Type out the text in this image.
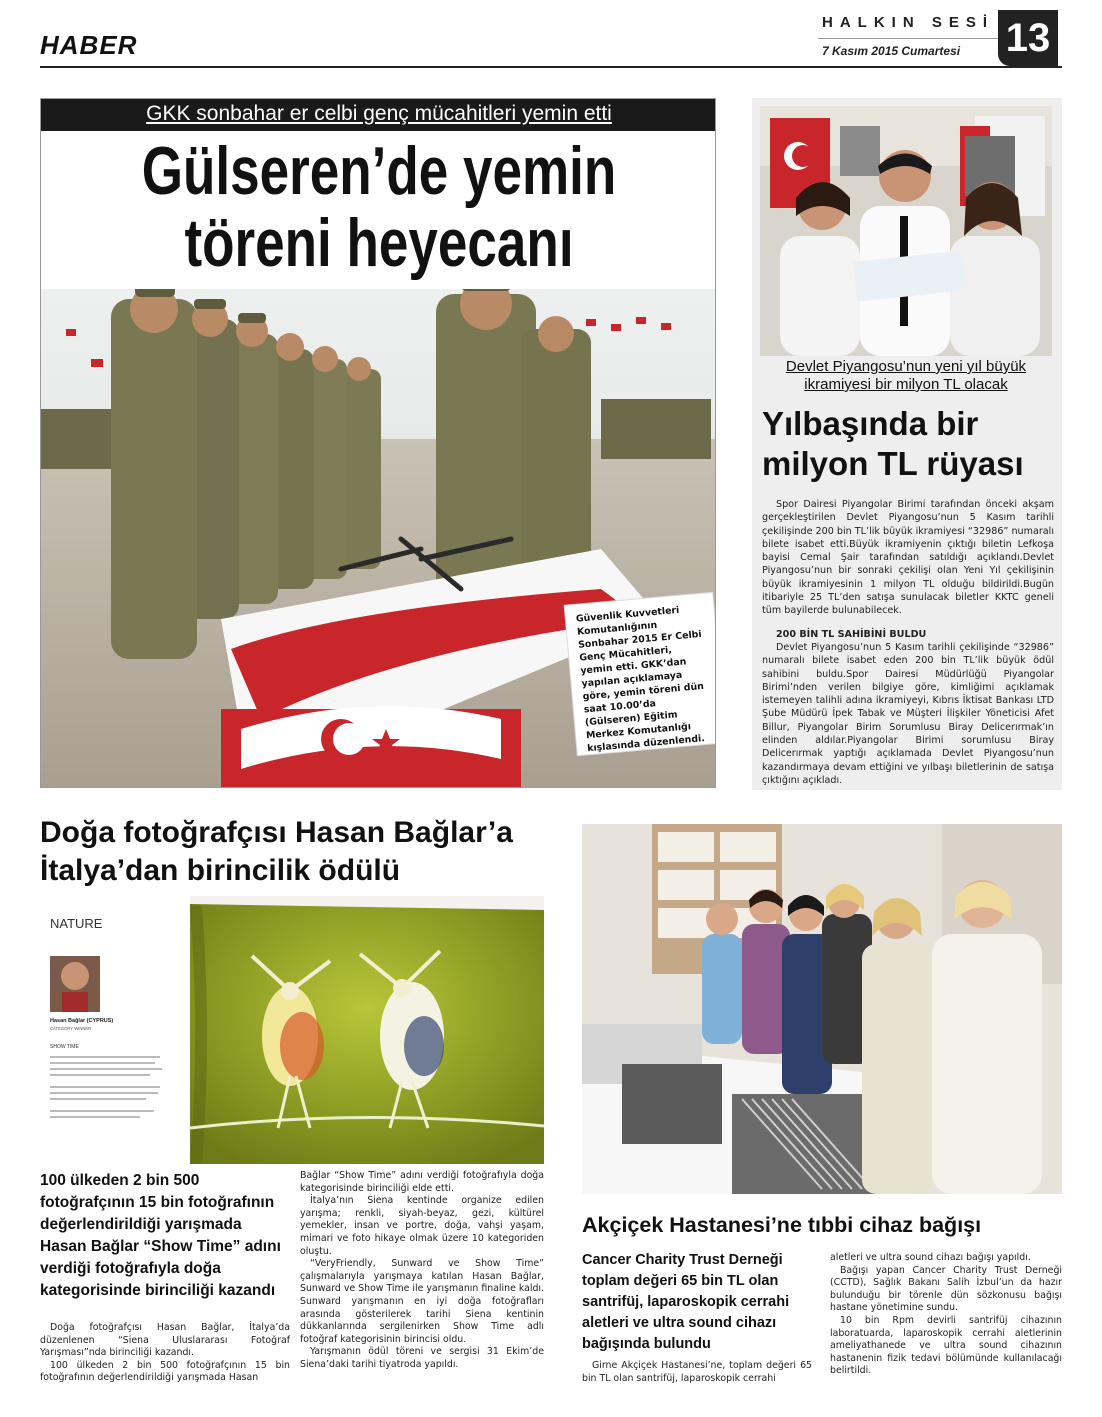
HABER
HALKIN SESİ
7 Kasım 2015 Cumartesi 13
GKK sonbahar er celbi genç mücahitleri yemin etti
Gülseren’de yemin
töreni heyecanı
Güvenlik Kuvvetleri Komutanlığının Sonbahar 2015 Er Celbi Genç Mücahitleri, yemin etti. GKK’dan yapılan açıklamaya göre, yemin töreni dün saat 10.00’da (Gülseren) Eğitim Merkez Komutanlığı kışlasında düzenlendi.
Devlet Piyangosu’nun yeni yıl büyük ikramiyesi bir milyon TL olacak
Yılbaşında bir milyon TL rüyası

Spor Dairesi Piyangolar Birimi tarafından önceki akşam gerçekleştirilen Devlet Piyangosu’nun 5 Kasım tarihli çekilişinde 200 bin TL’lik büyük ikramiyesi “32986” numaralı bilete isabet etti.Büyük ikramiyenin çıktığı biletin Lefkoşa bayisi Cemal Şair tarafından satıldığı açıklandı.Devlet Piyangosu’nun bir sonraki çekilişi olan Yeni Yıl çekilişinin büyük ikramiyesinin 1 milyon TL olduğu bildirildi.Bugün itibariyle 25 TL’den satışa sunulacak biletler KKTC geneli tüm bayilerde bulunabilecek.

200 BİN TL SAHİBİNİ BULDU

Devlet Piyangosu’nun 5 Kasım tarihli çekilişinde “32986” numaralı bilete isabet eden 200 bin TL’lik büyük ödül sahibini buldu.Spor Dairesi Müdürlüğü Piyangolar Birimi’nden verilen bilgiye göre, kimliğimi açıklamak istemeyen talihli adına ikramiyeyi, Kıbrıs İktisat Bankası LTD Şube Müdürü İpek Tabak ve Müşteri İlişkiler Yöneticisi Afet Billur, Piyangolar Birim Sorumlusu Biray Delicerırmak’ın elinden aldılar.Piyangolar Birimi sorumlusu Biray Delicerırmak yaptığı açıklamada Devlet Piyangosu’nun kazandırmaya devam ettiğini ve yılbaşı biletlerinin de satışa çıktığını açıkladı.

Doğa fotoğrafçısı Hasan Bağlar’a
İtalya’dan birincilik ödülü
NATURE
Hasan Bağlar (CYPRUS)
CATEGORY WINNER
SHOW TIME
100 ülkeden 2 bin 500 fotoğrafçının 15 bin fotoğrafının değerlendirildiği yarışmada Hasan Bağlar “Show Time” adını verdiği fotoğrafıyla doğa kategorisinde birinciliği kazandı

Doğa fotoğrafçısı Hasan Bağlar, İtalya’da düzenlenen “Siena Uluslararası Fotoğraf Yarışması”nda birinciliği kazandı.

100 ülkeden 2 bin 500 fotoğrafçının 15 bin fotoğrafının değerlendirildiği yarışmada Hasan

Bağlar “Show Time” adını verdiği fotoğrafıyla doğa kategorisinde birinciliği elde etti.

İtalya’nın Siena kentinde organize edilen yarışma; renkli, siyah-beyaz, gezi, kültürel yemekler, insan ve portre, doğa, vahşi yaşam, mimari ve foto hikaye olmak üzere 10 kategoriden oluştu.

“VeryFriendly, Sunward ve Show Time” çalışmalarıyla yarışmaya katılan Hasan Bağlar, Sunward ve Show Time ile yarışmanın finaline kaldı. Sunward yarışmanın en iyi doğa fotoğrafları arasında gösterilerek tarihi Siena kentinin dükkanlarında sergilenirken Show Time adlı fotoğraf kategorisinin birincisi oldu.

Yarışmanın ödül töreni ve sergisi 31 Ekim’de Siena’daki tarihi tiyatroda yapıldı.

Akçiçek Hastanesi’ne tıbbi cihaz bağışı
Cancer Charity Trust Derneği toplam değeri 65 bin TL olan santrifüj, laparoskopik cerrahi aletleri ve ultra sound cihazı bağışında bulundu

Girne Akçiçek Hastanesi’ne, toplam değeri 65 bin TL olan santrifüj, laparoskopik cerrahi

aletleri ve ultra sound cihazı bağışı yapıldı.

Bağışı yapan Cancer Charity Trust Derneği (CCTD), Sağlık Bakanı Salih İzbul’un da hazır bulunduğu bir törenle dün sözkonusu bağışı hastane yönetimine sundu.

10 bin Rpm devirli santrifüj cihazının laboratuarda, laparoskopik cerrahi aletlerinin ameliyathanede ve ultra sound cihazının hastanenin fizik tedavi bölümünde kullanılacağı belirtildi.
